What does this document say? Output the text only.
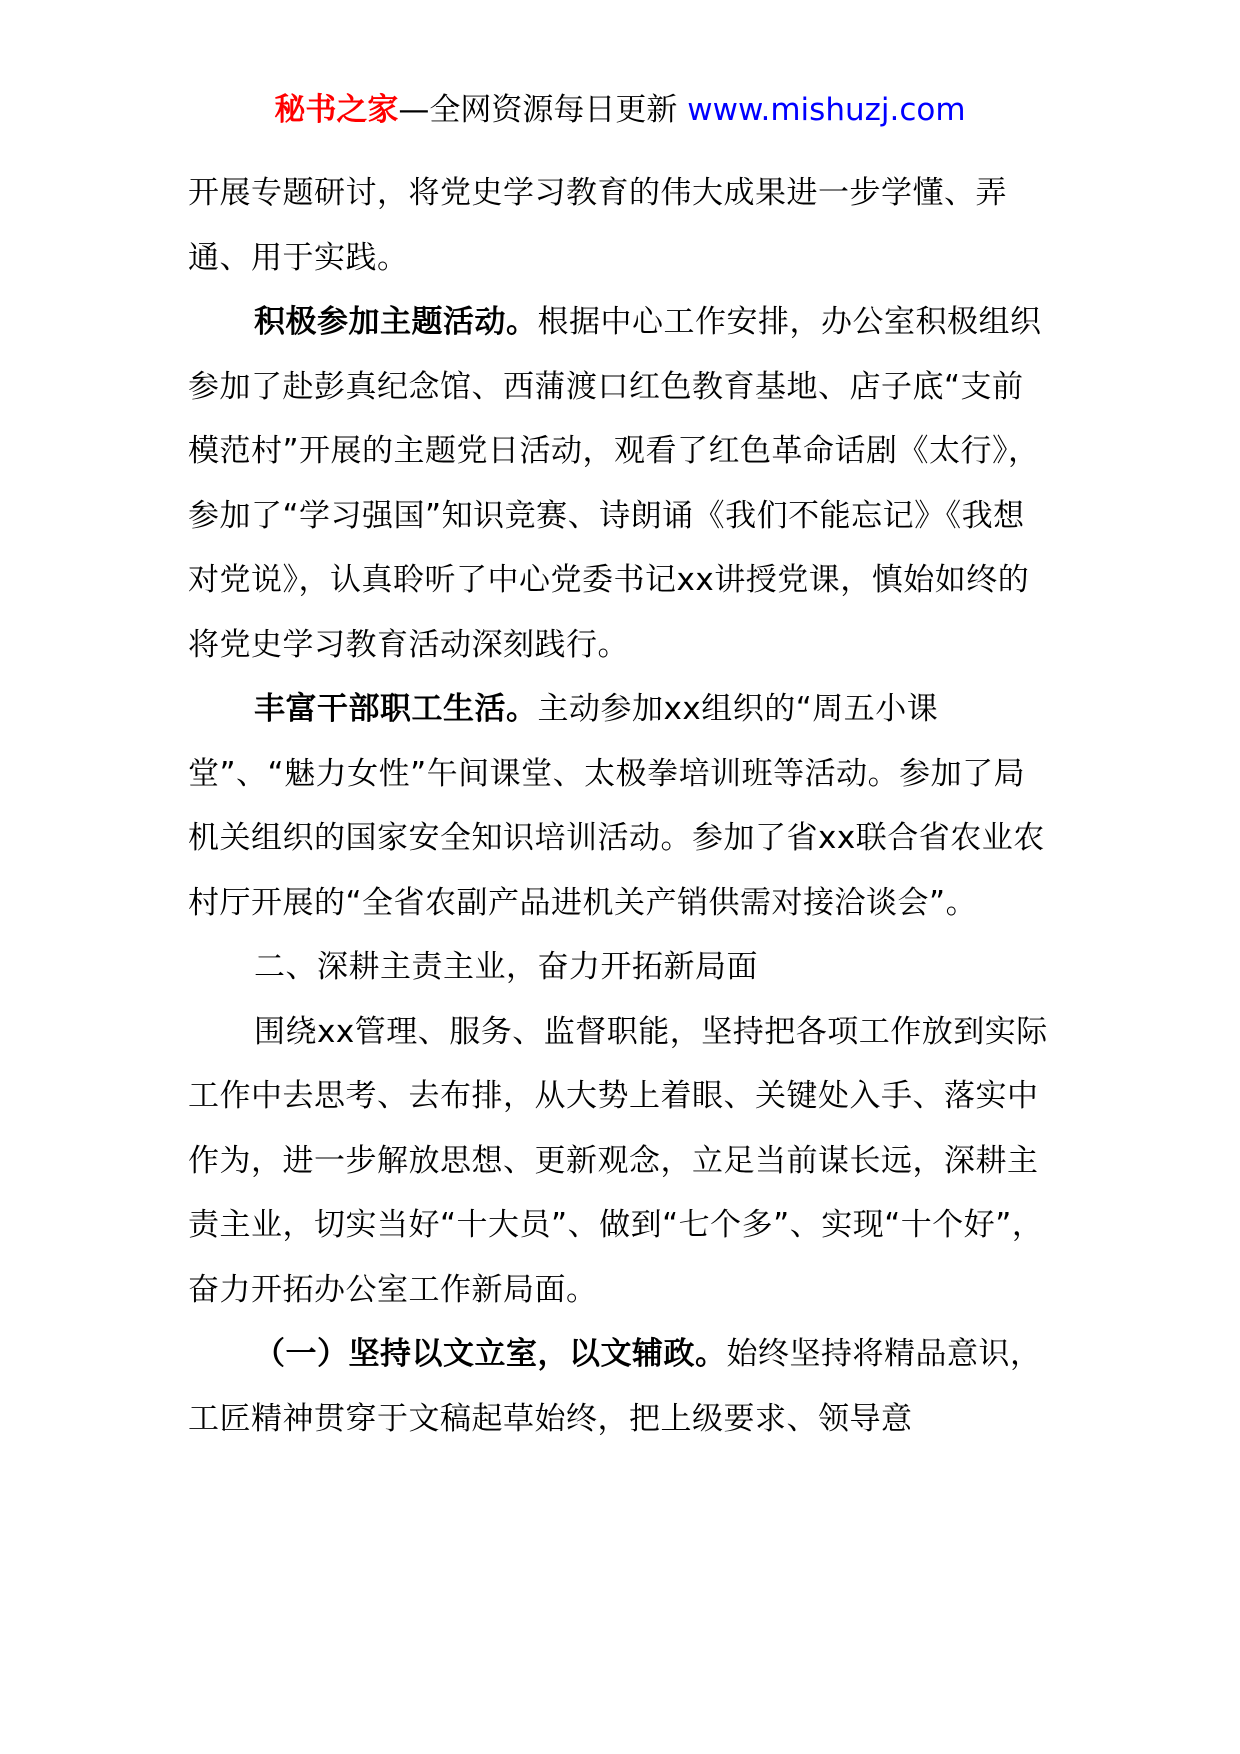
秘书之家—全网资源每日更新 www.mishuzj.com

开展专题研讨，将党史学习教育的伟大成果进一步学懂、弄通、用于实践。

积极参加主题活动。根据中心工作安排，办公室积极组织参加了赴彭真纪念馆、西蒲渡口红色教育基地、店子底“支前模范村”开展的主题党日活动，观看了红色革命话剧《太行》，参加了“学习强国”知识竞赛、诗朗诵《我们不能忘记》《我想对党说》，认真聆听了中心党委书记xx讲授党课，慎始如终的将党史学习教育活动深刻践行。

丰富干部职工生活。主动参加xx组织的“周五小课堂”、“魅力女性”午间课堂、太极拳培训班等活动。参加了局机关组织的国家安全知识培训活动。参加了省xx联合省农业农村厅开展的“全省农副产品进机关产销供需对接洽谈会”。

二、深耕主责主业，奋力开拓新局面

围绕xx管理、服务、监督职能，坚持把各项工作放到实际工作中去思考、去布排，从大势上着眼、关键处入手、落实中作为，进一步解放思想、更新观念，立足当前谋长远，深耕主责主业，切实当好“十大员”、做到“七个多”、实现“十个好”，奋力开拓办公室工作新局面。

（一）坚持以文立室，以文辅政。始终坚持将精品意识，工匠精神贯穿于文稿起草始终，把上级要求、领导意
